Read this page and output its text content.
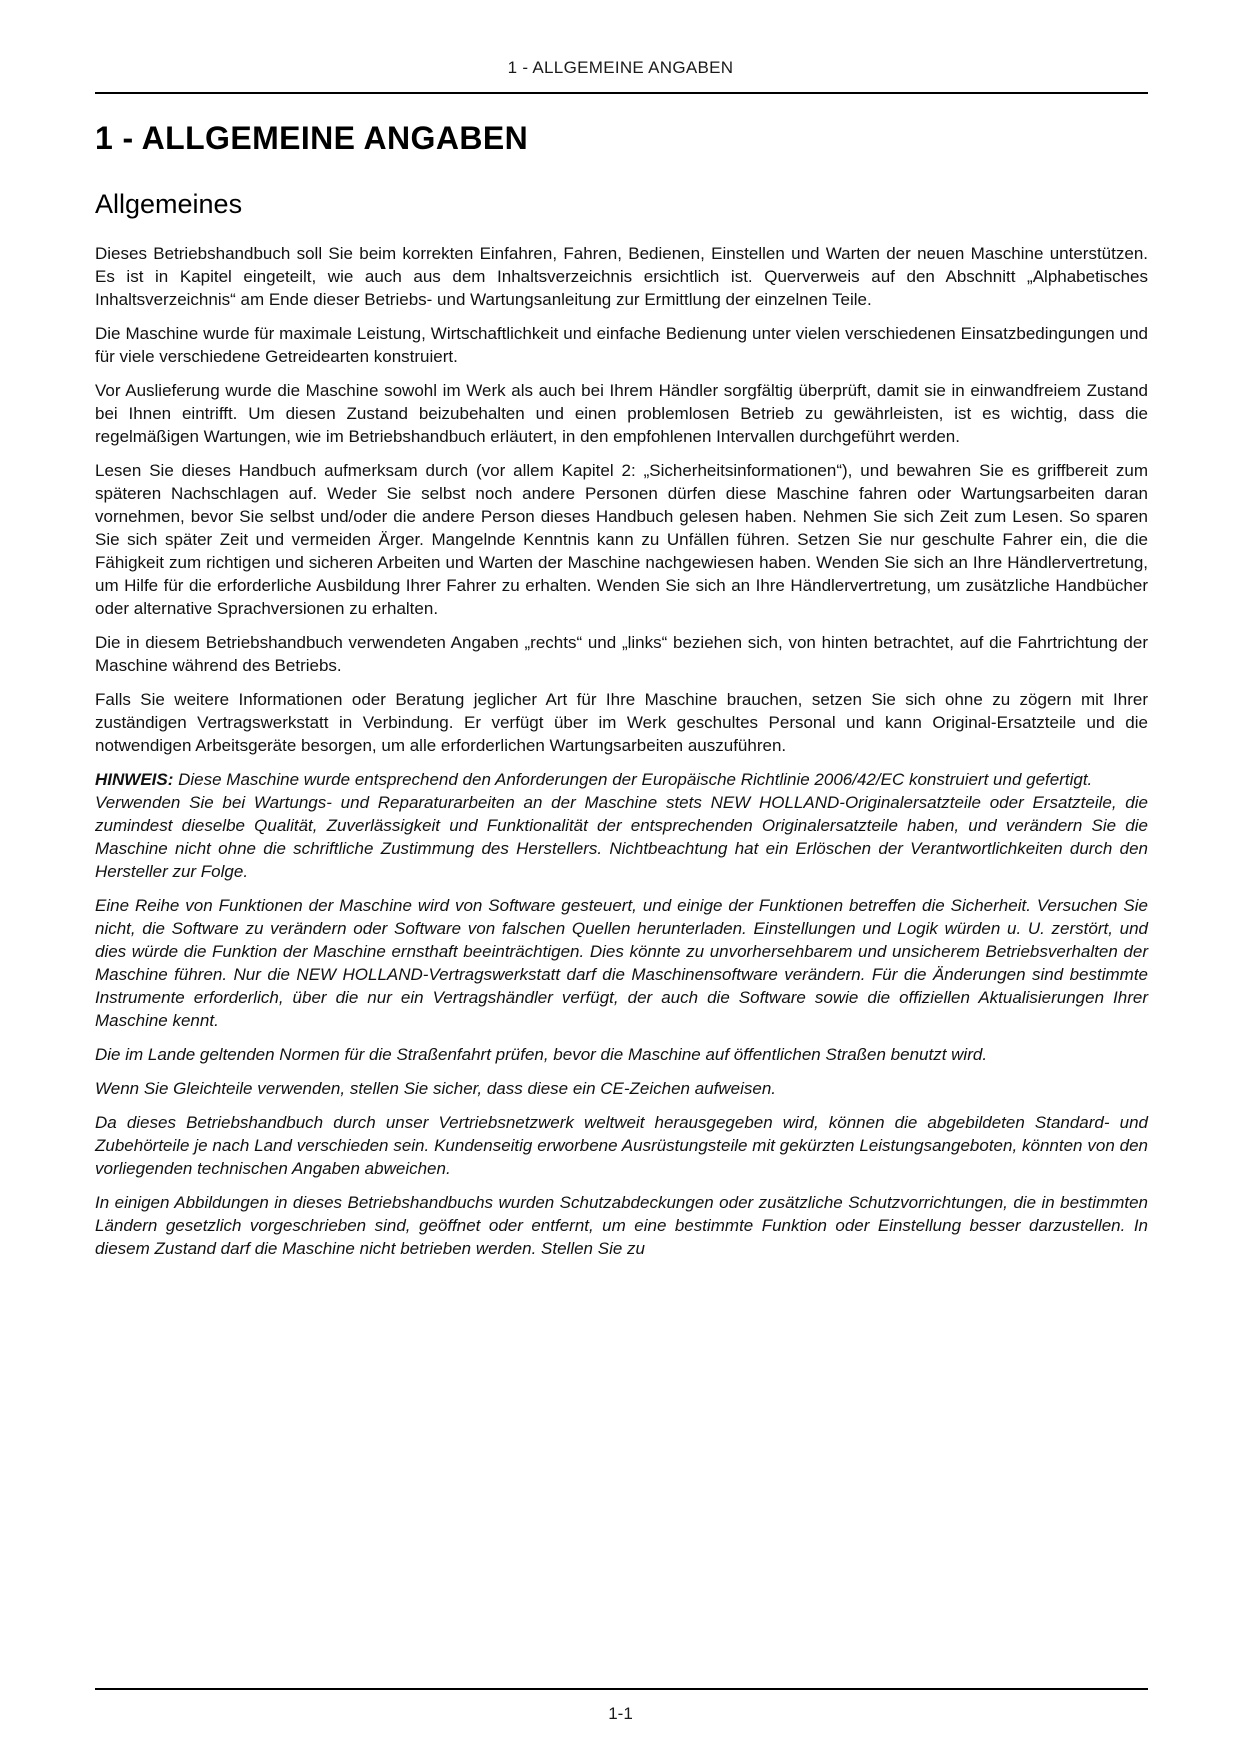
1 - ALLGEMEINE ANGABEN
1 - ALLGEMEINE ANGABEN
Allgemeines

Dieses Betriebshandbuch soll Sie beim korrekten Einfahren, Fahren, Bedienen, Einstellen und Warten der neuen Maschine unterstützen. Es ist in Kapitel eingeteilt, wie auch aus dem Inhaltsverzeichnis ersichtlich ist. Querverweis auf den Abschnitt „Alphabetisches Inhaltsverzeichnis“ am Ende dieser Betriebs- und Wartungsanleitung zur Ermittlung der einzelnen Teile.

Die Maschine wurde für maximale Leistung, Wirtschaftlichkeit und einfache Bedienung unter vielen verschiedenen Einsatzbedingungen und für viele verschiedene Getreidearten konstruiert.

Vor Auslieferung wurde die Maschine sowohl im Werk als auch bei Ihrem Händler sorgfältig überprüft, damit sie in einwandfreiem Zustand bei Ihnen eintrifft. Um diesen Zustand beizubehalten und einen problemlosen Betrieb zu gewährleisten, ist es wichtig, dass die regelmäßigen Wartungen, wie im Betriebshandbuch erläutert, in den empfohlenen Intervallen durchgeführt werden.

Lesen Sie dieses Handbuch aufmerksam durch (vor allem Kapitel 2: „Sicherheitsinformationen“), und bewahren Sie es griffbereit zum späteren Nachschlagen auf. Weder Sie selbst noch andere Personen dürfen diese Maschine fahren oder Wartungsarbeiten daran vornehmen, bevor Sie selbst und/oder die andere Person dieses Handbuch gelesen haben. Nehmen Sie sich Zeit zum Lesen. So sparen Sie sich später Zeit und vermeiden Ärger. Mangelnde Kenntnis kann zu Unfällen führen. Setzen Sie nur geschulte Fahrer ein, die die Fähigkeit zum richtigen und sicheren Arbeiten und Warten der Maschine nachgewiesen haben. Wenden Sie sich an Ihre Händlervertretung, um Hilfe für die erforderliche Ausbildung Ihrer Fahrer zu erhalten. Wenden Sie sich an Ihre Händlervertretung, um zusätzliche Handbücher oder alternative Sprachversionen zu erhalten.

Die in diesem Betriebshandbuch verwendeten Angaben „rechts“ und „links“ beziehen sich, von hinten betrachtet, auf die Fahrtrichtung der Maschine während des Betriebs.

Falls Sie weitere Informationen oder Beratung jeglicher Art für Ihre Maschine brauchen, setzen Sie sich ohne zu zögern mit Ihrer zuständigen Vertragswerkstatt in Verbindung. Er verfügt über im Werk geschultes Personal und kann Original-Ersatzteile und die notwendigen Arbeitsgeräte besorgen, um alle erforderlichen Wartungsarbeiten auszuführen.

HINWEIS: Diese Maschine wurde entsprechend den Anforderungen der Europäische Richtlinie 2006/42/EC konstruiert und gefertigt.
Verwenden Sie bei Wartungs- und Reparaturarbeiten an der Maschine stets NEW HOLLAND-Originalersatzteile oder Ersatzteile, die zumindest dieselbe Qualität, Zuverlässigkeit und Funktionalität der entsprechenden Originalersatzteile haben, und verändern Sie die Maschine nicht ohne die schriftliche Zustimmung des Herstellers. Nichtbeachtung hat ein Erlöschen der Verantwortlichkeiten durch den Hersteller zur Folge.

Eine Reihe von Funktionen der Maschine wird von Software gesteuert, und einige der Funktionen betreffen die Sicherheit. Versuchen Sie nicht, die Software zu verändern oder Software von falschen Quellen herunterladen. Einstellungen und Logik würden u. U. zerstört, und dies würde die Funktion der Maschine ernsthaft beeinträchtigen. Dies könnte zu unvorhersehbarem und unsicherem Betriebsverhalten der Maschine führen. Nur die NEW HOLLAND-Vertragswerkstatt darf die Maschinensoftware verändern. Für die Änderungen sind bestimmte Instrumente erforderlich, über die nur ein Vertragshändler verfügt, der auch die Software sowie die offiziellen Aktualisierungen Ihrer Maschine kennt.

Die im Lande geltenden Normen für die Straßenfahrt prüfen, bevor die Maschine auf öffentlichen Straßen benutzt wird.

Wenn Sie Gleichteile verwenden, stellen Sie sicher, dass diese ein CE-Zeichen aufweisen.

Da dieses Betriebshandbuch durch unser Vertriebsnetzwerk weltweit herausgegeben wird, können die abgebildeten Standard- und Zubehörteile je nach Land verschieden sein. Kundenseitig erworbene Ausrüstungsteile mit gekürzten Leistungsangeboten, könnten von den vorliegenden technischen Angaben abweichen.

In einigen Abbildungen in dieses Betriebshandbuchs wurden Schutzabdeckungen oder zusätzliche Schutzvorrichtungen, die in bestimmten Ländern gesetzlich vorgeschrieben sind, geöffnet oder entfernt, um eine bestimmte Funktion oder Einstellung besser darzustellen. In diesem Zustand darf die Maschine nicht betrieben werden. Stellen Sie zu

1-1
